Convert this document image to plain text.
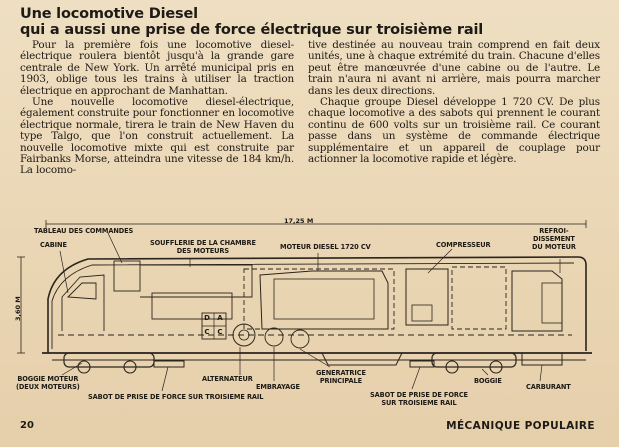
Une locomotive Diesel
qui a aussi une prise de force électrique sur troisième rail

Pour la première fois une locomotive diesel-électrique roulera bientôt jusqu'à la grande gare centrale de New York. Un arrêté municipal pris en 1903, oblige tous les trains à utiliser la traction électrique en approchant de Manhattan.

Une nouvelle locomotive diesel-électrique, également construite pour fonctionner en locomotive électrique normale, tirera le train de New Haven du type Talgo, que l'on construit actuellement. La nouvelle locomotive mixte qui est construite par Fairbanks Morse, atteindra une vitesse de 184 km/h. La locomo-

tive destinée au nouveau train comprend en fait deux unités, une à chaque extrémité du train. Chacune d'elles peut être manœuvrée d'une cabine ou de l'autre. Le train n'aura ni avant ni arrière, mais pourra marcher dans les deux directions.

Chaque groupe Diesel développe 1 720 CV. De plus chaque locomotive a des sabots qui prennent le courant continu de 600 volts sur un troisième rail. Ce courant passe dans un système de commande électrique supplémentaire et un appareil de couplage pour actionner la locomotive rapide et légère.

17,25 M
3,60 M
TABLEAU DES COMMANDES
CABINE	SOUFFLERIE DE LA CHAMBRE
DES MOTEURS	MOTEUR DIESEL 1720 CV	COMPRESSEUR
REFROI-
DISSEMENT
DU MOTEUR
D	A
C	C
BOGGIE MOTEUR
(DEUX MOTEURS)
SABOT DE PRISE DE FORCE SUR TROISIEME RAIL
ALTERNATEUR
EMBRAYAGE
GENERATRICE
PRINCIPALE
SABOT DE PRISE DE FORCE
SUR TROISIEME RAIL
BOGGIE
CARBURANT
20	MÉCANIQUE POPULAIRE
